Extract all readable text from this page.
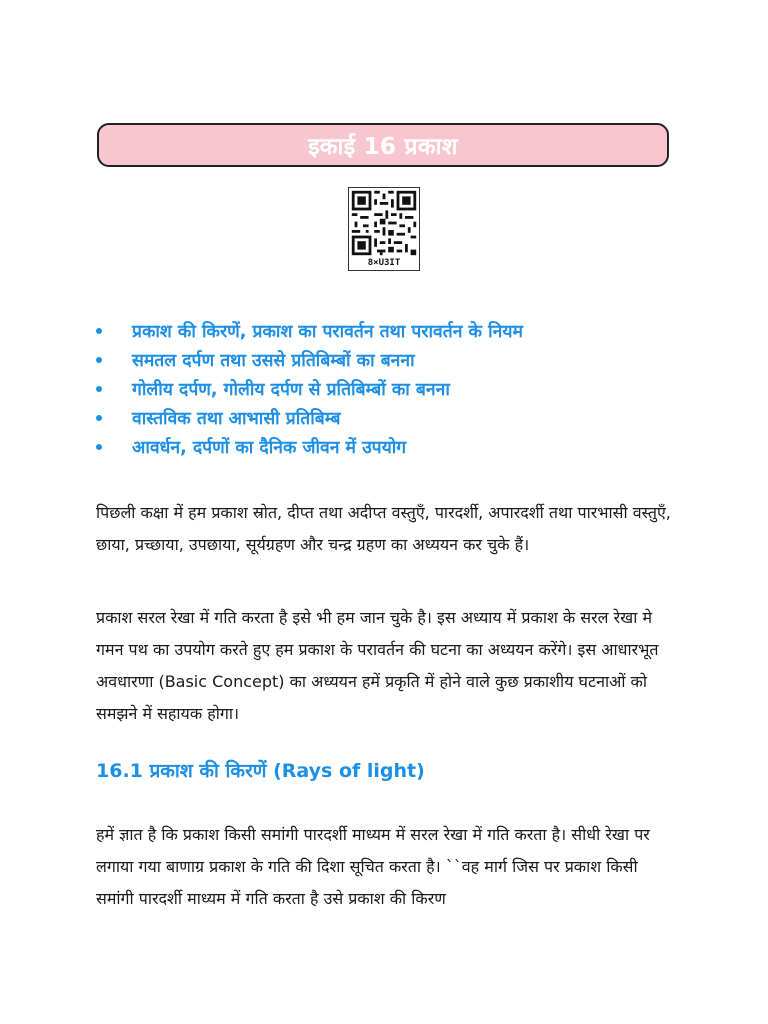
इकाई 16 प्रकाश
8×U3IT
प्रकाश की किरणें, प्रकाश का परावर्तन तथा परावर्तन के नियम
समतल दर्पण तथा उससे प्रतिबिम्बों का बनना
गोलीय दर्पण, गोलीय दर्पण से प्रतिबिम्बों का बनना
वास्तविक तथा आभासी प्रतिबिम्ब
आवर्धन, दर्पणों का दैनिक जीवन में उपयोग

पिछली कक्षा में हम प्रकाश स्रोत, दीप्त तथा अदीप्त वस्तुएँ, पारदर्शी, अपारदर्शी तथा पारभासी वस्तुएँ, छाया, प्रच्छाया, उपछाया, सूर्यग्रहण और चन्द्र ग्रहण का अध्ययन कर चुके हैं।

प्रकाश सरल रेखा में गति करता है इसे भी हम जान चुके है। इस अध्याय में प्रकाश के सरल रेखा मे गमन पथ का उपयोग करते हुए हम प्रकाश के परावर्तन की घटना का अध्ययन करेंगे। इस आधारभूत अवधारणा (Basic Concept) का अध्ययन हमें प्रकृति में होने वाले कुछ प्रकाशीय घटनाओं को समझने में सहायक होगा।

16.1 प्रकाश की किरणें (Rays of light)

हमें ज्ञात है कि प्रकाश किसी समांगी पारदर्शी माध्यम में सरल रेखा में गति करता है। सीधी रेखा पर लगाया गया बाणाग्र प्रकाश के गति की दिशा सूचित करता है। ``वह मार्ग जिस पर प्रकाश किसी समांगी पारदर्शी माध्यम में गति करता है उसे प्रकाश की किरण
